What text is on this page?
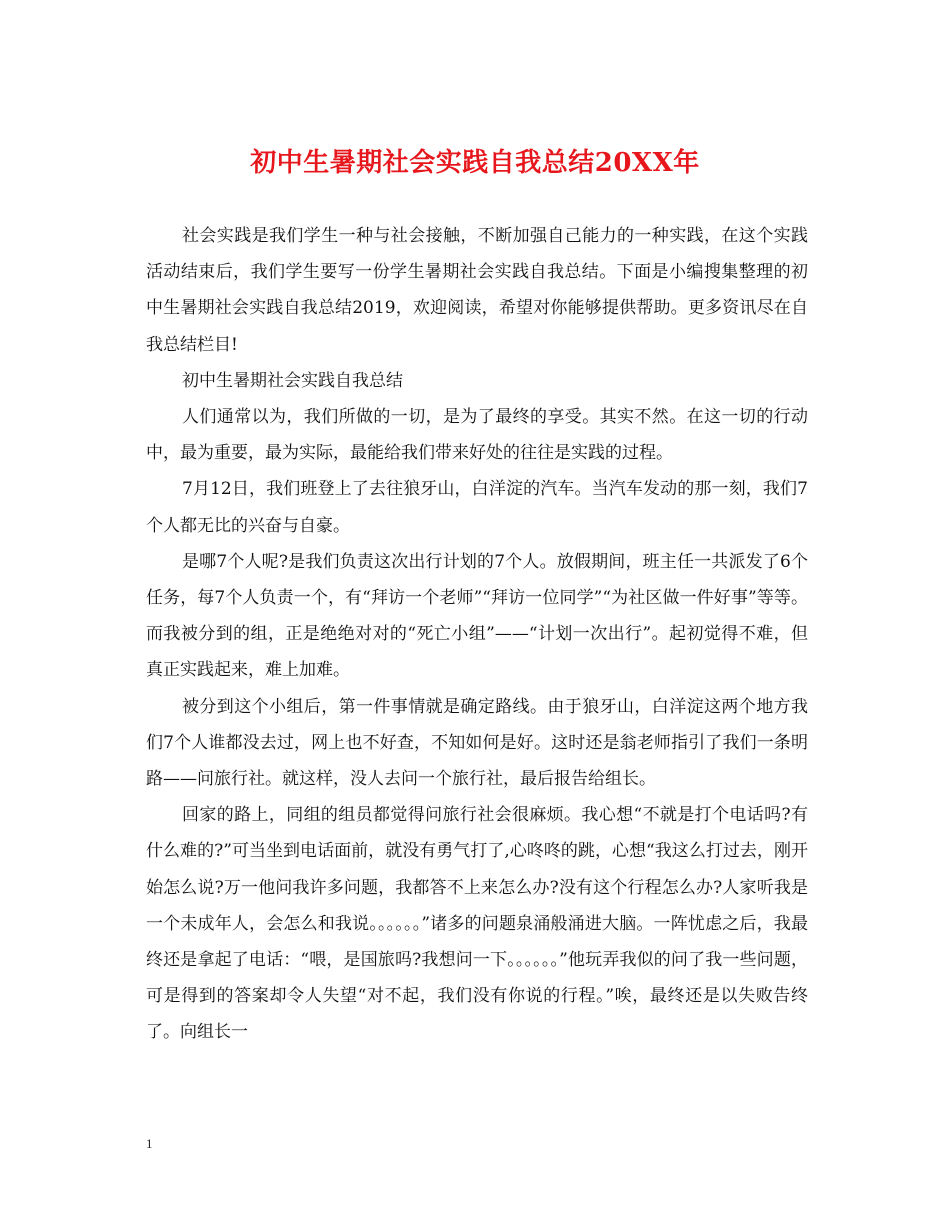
初中生暑期社会实践自我总结20XX年

社会实践是我们学生一种与社会接触，不断加强自己能力的一种实践，在这个实践活动结束后，我们学生要写一份学生暑期社会实践自我总结。下面是小编搜集整理的初中生暑期社会实践自我总结2019，欢迎阅读，希望对你能够提供帮助。更多资讯尽在自我总结栏目!

初中生暑期社会实践自我总结

人们通常以为，我们所做的一切，是为了最终的享受。其实不然。在这一切的行动中，最为重要，最为实际，最能给我们带来好处的往往是实践的过程。

7月12日，我们班登上了去往狼牙山，白洋淀的汽车。当汽车发动的那一刻，我们7个人都无比的兴奋与自豪。

是哪7个人呢?是我们负责这次出行计划的7个人。放假期间，班主任一共派发了6个任务，每7个人负责一个，有“拜访一个老师”“拜访一位同学”“为社区做一件好事”等等。而我被分到的组，正是绝绝对对的“死亡小组”——“计划一次出行”。起初觉得不难，但真正实践起来，难上加难。

被分到这个小组后，第一件事情就是确定路线。由于狼牙山，白洋淀这两个地方我们7个人谁都没去过，网上也不好查，不知如何是好。这时还是翁老师指引了我们一条明路——问旅行社。就这样，没人去问一个旅行社，最后报告给组长。

回家的路上，同组的组员都觉得问旅行社会很麻烦。我心想“不就是打个电话吗?有什么难的?”可当坐到电话面前，就没有勇气打了,心咚咚的跳，心想“我这么打过去，刚开始怎么说?万一他问我许多问题，我都答不上来怎么办?没有这个行程怎么办?人家听我是一个未成年人，会怎么和我说。。。。。。”诸多的问题泉涌般涌进大脑。一阵忧虑之后，我最终还是拿起了电话：“喂，是国旅吗?我想问一下。。。。。。”他玩弄我似的问了我一些问题，可是得到的答案却令人失望“对不起，我们没有你说的行程。”唉，最终还是以失败告终了。向组长一

1
